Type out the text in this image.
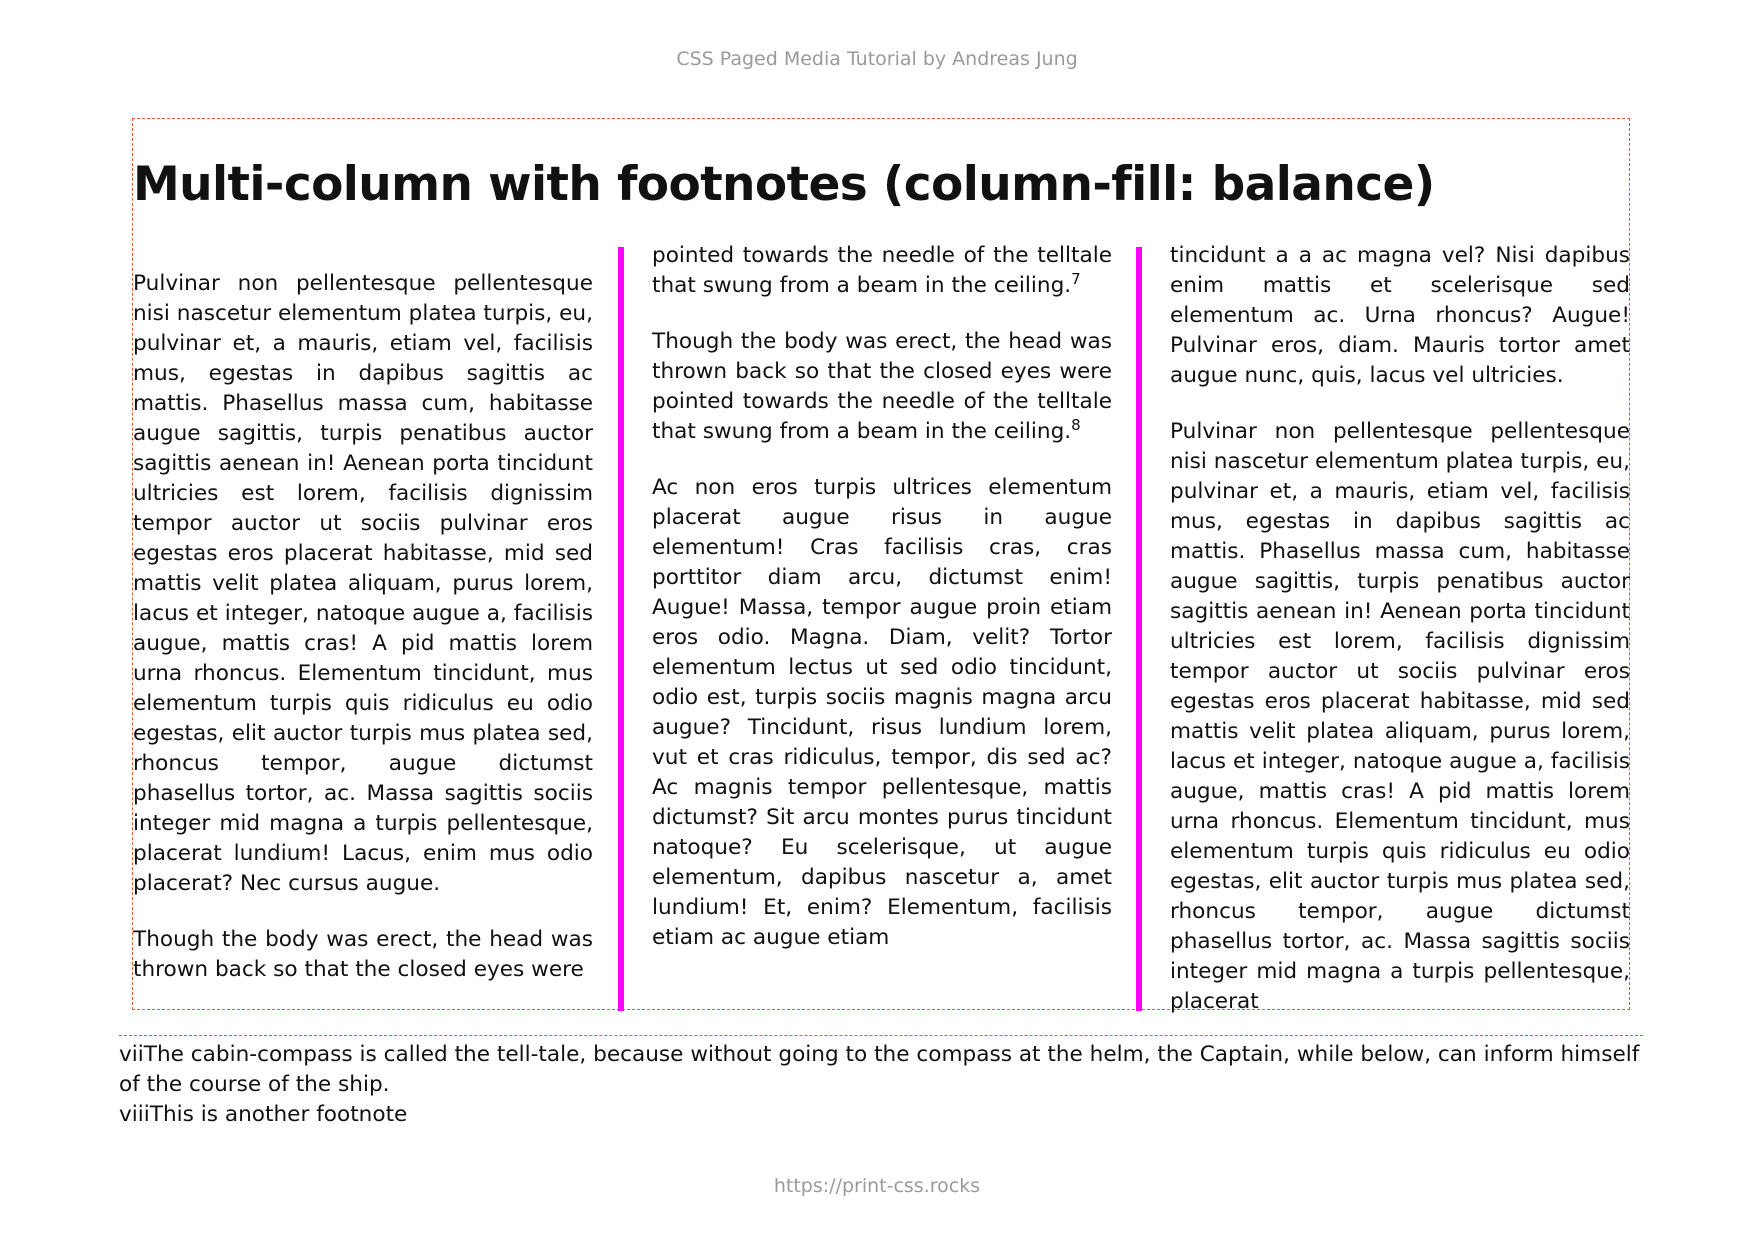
CSS Paged Media Tutorial by Andreas Jung
Multi-column with footnotes (column-fill: balance)

Pulvinar non pellentesque pellentesque nisi nascetur elementum platea turpis, eu, pulvinar et, a mauris, etiam vel, facilisis mus, egestas in dapibus sagittis ac mattis. Phasellus massa cum, habitasse augue sagittis, turpis penatibus auctor sagittis aenean in! Aenean porta tincidunt ultricies est lorem, facilisis dignissim tempor auctor ut sociis pulvinar eros egestas eros placerat habitasse, mid sed mattis velit platea aliquam, purus lorem, lacus et integer, natoque augue a, facilisis augue, mattis cras! A pid mattis lorem urna rhoncus. Elementum tincidunt, mus elementum turpis quis ridiculus eu odio egestas, elit auctor turpis mus platea sed, rhoncus tempor, augue dictumst phasellus tortor, ac. Massa sagittis sociis integer mid magna a turpis pellentesque, placerat lundium! Lacus, enim mus odio placerat? Nec cursus augue.

Though the body was erect, the head was thrown back so that the closed eyes were

pointed towards the needle of the telltale that swung from a beam in the ceiling.$^7$

Though the body was erect, the head was thrown back so that the closed eyes were pointed towards the needle of the telltale that swung from a beam in the ceiling.$^8$

Ac non eros turpis ultrices elementum placerat augue risus in augue elementum! Cras facilisis cras, cras porttitor diam arcu, dictumst enim! Augue! Massa, tempor augue proin etiam eros odio. Magna. Diam, velit? Tortor elementum lectus ut sed odio tincidunt, odio est, turpis sociis magnis magna arcu augue? Tincidunt, risus lundium lorem, vut et cras ridiculus, tempor, dis sed ac? Ac magnis tempor pellentesque, mattis dictumst? Sit arcu montes purus tincidunt natoque? Eu scelerisque, ut augue elementum, dapibus nascetur a, amet lundium! Et, enim? Elementum, facilisis etiam ac augue etiam

tincidunt a a ac magna vel? Nisi dapibus enim mattis et scelerisque sed elementum ac. Urna rhoncus? Augue! Pulvinar eros, diam. Mauris tortor amet augue nunc, quis, lacus vel ultricies.

Pulvinar non pellentesque pellentesque nisi nascetur elementum platea turpis, eu, pulvinar et, a mauris, etiam vel, facilisis mus, egestas in dapibus sagittis ac mattis. Phasellus massa cum, habitasse augue sagittis, turpis penatibus auctor sagittis aenean in! Aenean porta tincidunt ultricies est lorem, facilisis dignissim tempor auctor ut sociis pulvinar eros egestas eros placerat habitasse, mid sed mattis velit platea aliquam, purus lorem, lacus et integer, natoque augue a, facilisis augue, mattis cras! A pid mattis lorem urna rhoncus. Elementum tincidunt, mus elementum turpis quis ridiculus eu odio egestas, elit auctor turpis mus platea sed, rhoncus tempor, augue dictumst phasellus tortor, ac. Massa sagittis sociis integer mid magna a turpis pellentesque, placerat

viiThe cabin-compass is called the tell-tale, because without going to the compass at the helm, the Captain, while below, can inform himself of the course of the ship.

viiiThis is another footnote

https://print-css.rocks
